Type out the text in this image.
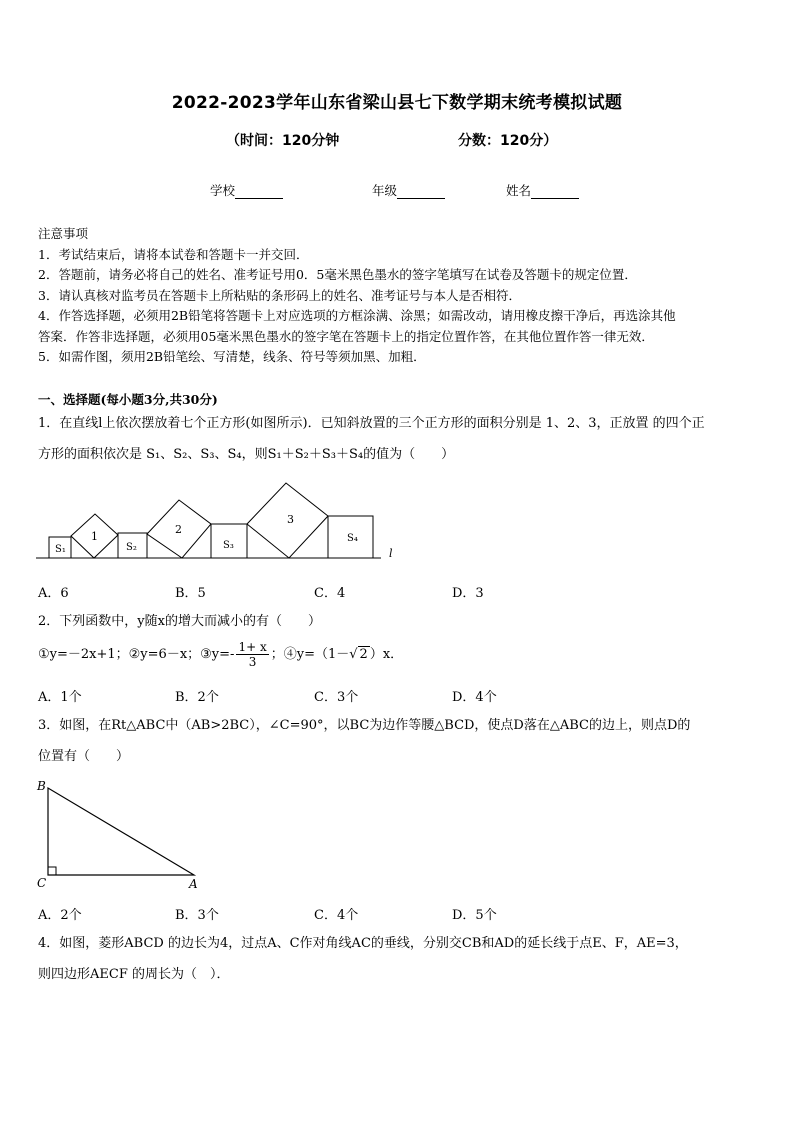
2022-2023学年山东省梁山县七下数学期末统考模拟试题
（时间：120分钟	分数：120分）
学校	年级	姓名

注意事项

1．考试结束后，请将本试卷和答题卡一并交回．

2．答题前，请务必将自己的姓名、准考证号用0．5毫米黑色墨水的签字笔填写在试卷及答题卡的规定位置．

3．请认真核对监考员在答题卡上所粘贴的条形码上的姓名、准考证号与本人是否相符．

4．作答选择题，必须用2B铅笔将答题卡上对应选项的方框涂满、涂黑；如需改动，请用橡皮擦干净后，再选涂其他

答案．作答非选择题，必须用05毫米黑色墨水的签字笔在答题卡上的指定位置作答，在其他位置作答一律无效．

5．如需作图，须用2B铅笔绘、写清楚，线条、符号等须加黑、加粗．

一、选择题(每小题3分,共30分)

1．在直线l上依次摆放着七个正方形(如图所示)．已知斜放置的三个正方形的面积分别是 1、2、3，正放置 的四个正

方形的面积依次是 S₁、S₂、S₃、S₄，则S₁＋S₂＋S₃＋S₄的值为（　　）

S₁
1
S₂
2
S₃
3
S₄
l
A．6	B．5	C．4	D．3

2．下列函数中，y随x的增大而减小的有（　　）

①y=－2x+1；②y=6－x；③y=- $\frac{1+ x}{3}$ ；④y=（1－√ 2 ）x．
A．1个	B．2个	C．3个	D．4个

3．如图，在Rt△ABC中（AB>2BC），∠C=90°，以BC为边作等腰△BCD，使点D落在△ABC的边上，则点D的

位置有（　　）

B
C	A
A．2个	B．3个	C．4个	D．5个

4．如图，菱形ABCD 的边长为4，过点A、C作对角线AC的垂线，分别交CB和AD的延长线于点E、F，AE=3，

则四边形AECF 的周长为（　）．
